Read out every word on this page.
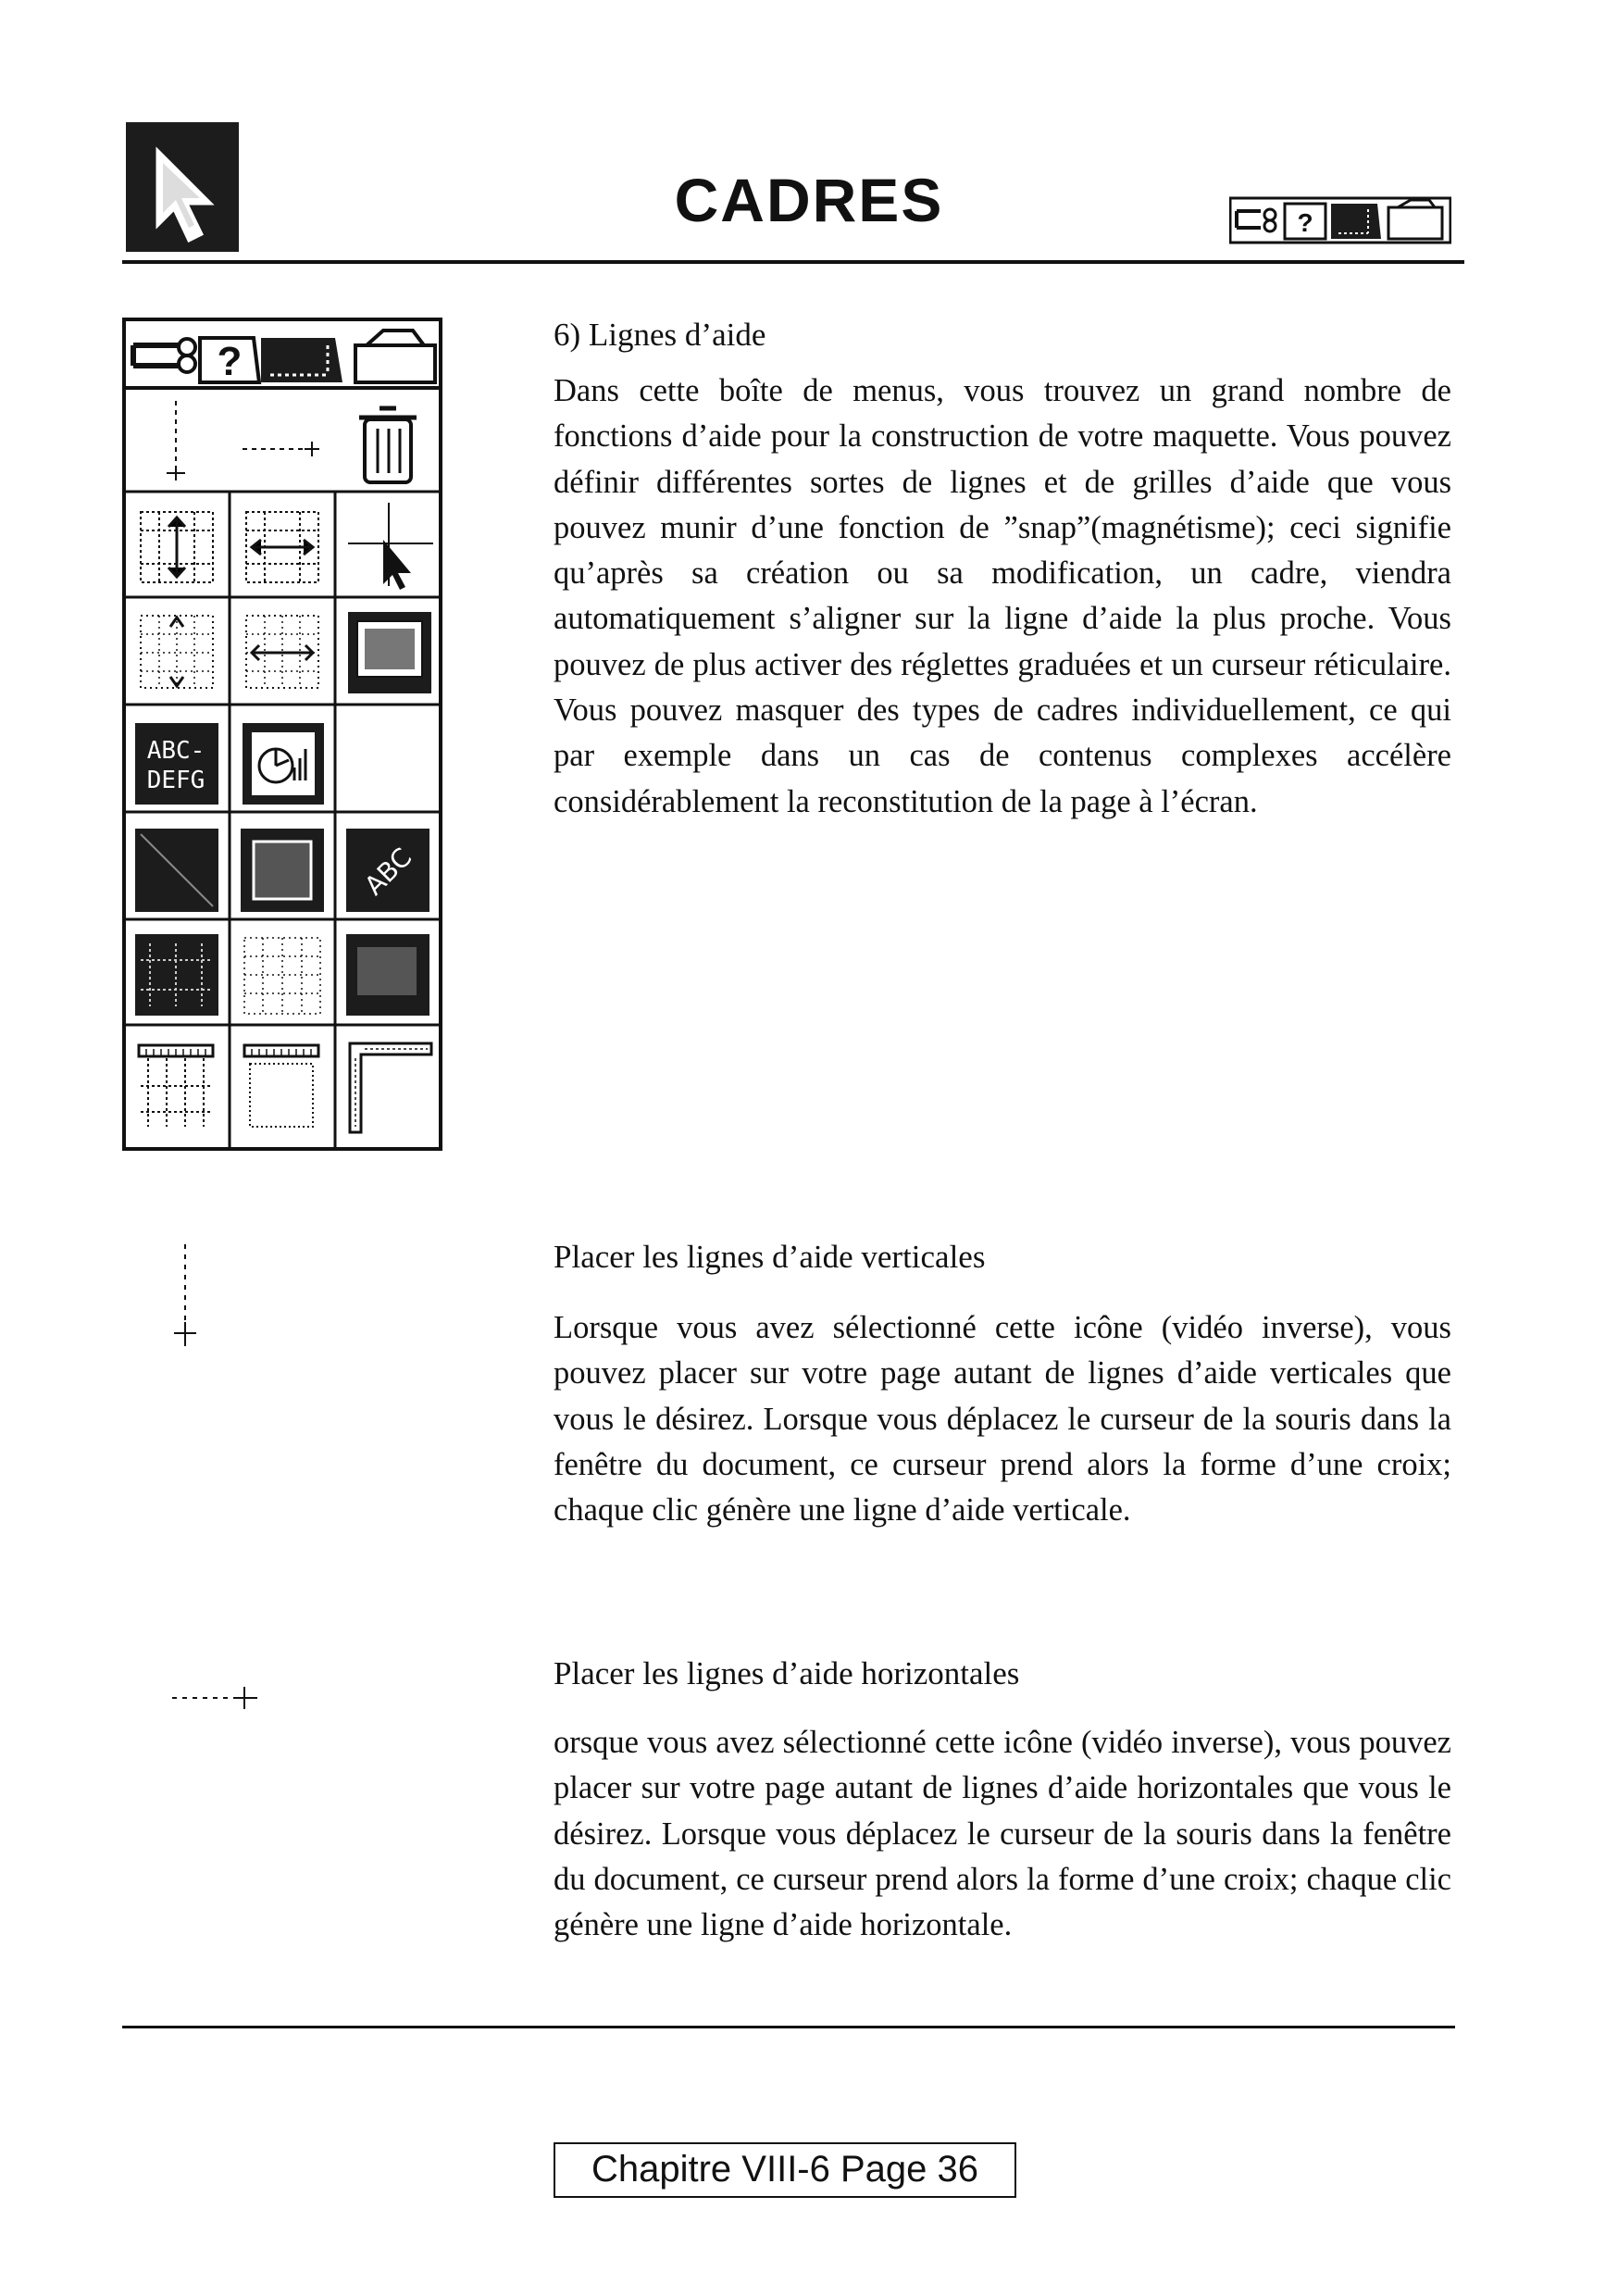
CADRES	?
?
ABC-
DEFG
ABC
6) Lignes d’aide

Dans cette boîte de menus, vous trouvez un grand nombre de fonctions d’aide pour la construction de votre maquette. Vous pouvez définir différentes sortes de lignes et de grilles d’aide que vous pouvez munir d’une fonction de ”snap”(magnétisme); ceci signifie qu’après sa création ou sa modification, un cadre, viendra automatiquement s’aligner sur la ligne d’aide la plus proche. Vous pouvez de plus activer des réglettes graduées et un curseur réticulaire. Vous pouvez masquer des types de cadres individuellement, ce qui par exemple dans un cas de contenus complexes accélère considérablement la reconstitution de la page à l’écran.

Placer les lignes d’aide verticales

Lorsque vous avez sélectionné cette icône (vidéo inverse), vous pouvez placer sur votre page autant de lignes d’aide verticales que vous le désirez. Lorsque vous déplacez le curseur de la souris dans la fenêtre du document, ce curseur prend alors la forme d’une croix; chaque clic génère une ligne d’aide verticale.

Placer les lignes d’aide horizontales

orsque vous avez sélectionné cette icône (vidéo inverse), vous pouvez placer sur votre page autant de lignes d’aide horizontales que vous le désirez. Lorsque vous déplacez le curseur de la souris dans la fenêtre du document, ce curseur prend alors la forme d’une croix; chaque clic génère une ligne d’aide horizontale.

Chapitre VIII-6 Page 36
